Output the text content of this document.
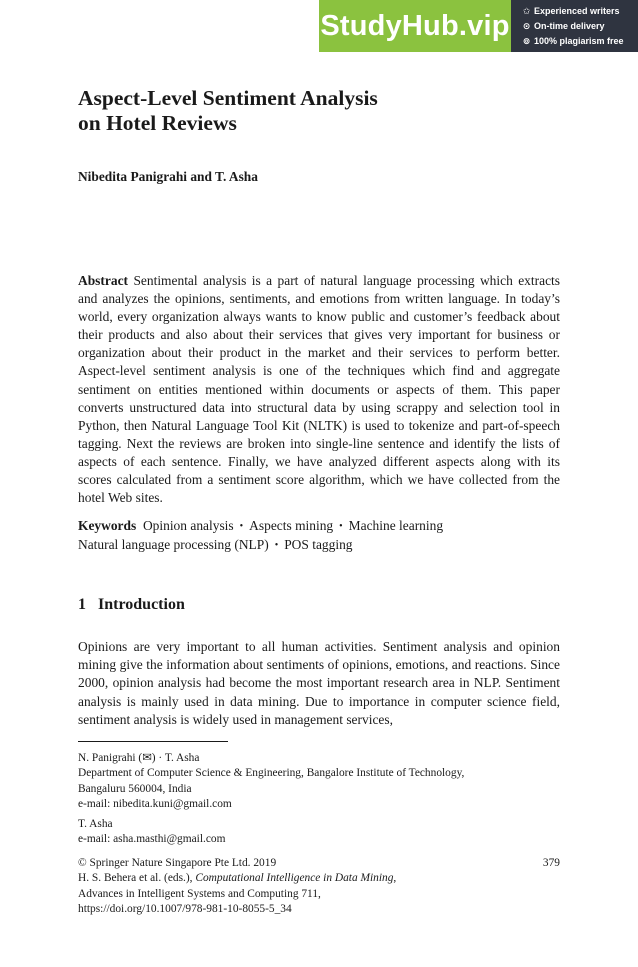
StudyHub.vip ✩ Experienced writers
⊙ On-time delivery
⊚ 100% plagiarism free
Aspect-Level Sentiment Analysis
on Hotel Reviews

Nibedita Panigrahi and T. Asha

Abstract Sentimental analysis is a part of natural language processing which extracts and analyzes the opinions, sentiments, and emotions from written language. In today’s world, every organization always wants to know public and customer’s feedback about their products and also about their services that gives very important for business or organization about their product in the market and their services to perform better. Aspect-level sentiment analysis is one of the techniques which find and aggregate sentiment on entities mentioned within documents or aspects of them. This paper converts unstructured data into structural data by using scrappy and selection tool in Python, then Natural Language Tool Kit (NLTK) is used to tokenize and part-of-speech tagging. Next the reviews are broken into single-line sentence and identify the lists of aspects of each sentence. Finally, we have analyzed different aspects along with its scores calculated from a sentiment score algorithm, which we have collected from the hotel Web sites.

Keywords Opinion analysis • Aspects mining • Machine learning
Natural language processing (NLP) • POS tagging

1 Introduction

Opinions are very important to all human activities. Sentiment analysis and opinion mining give the information about sentiments of opinions, emotions, and reactions. Since 2000, opinion analysis had become the most important research area in NLP. Sentiment analysis is mainly used in data mining. Due to importance in computer science field, sentiment analysis is widely used in management services,

N. Panigrahi (✉) · T. Asha

Department of Computer Science & Engineering, Bangalore Institute of Technology,

Bangaluru 560004, India

e-mail: nibedita.kuni@gmail.com

T. Asha

e-mail: asha.masthi@gmail.com

© Springer Nature Singapore Pte Ltd. 2019	379

H. S. Behera et al. (eds.), Computational Intelligence in Data Mining,

Advances in Intelligent Systems and Computing 711,

https://doi.org/10.1007/978-981-10-8055-5_34
